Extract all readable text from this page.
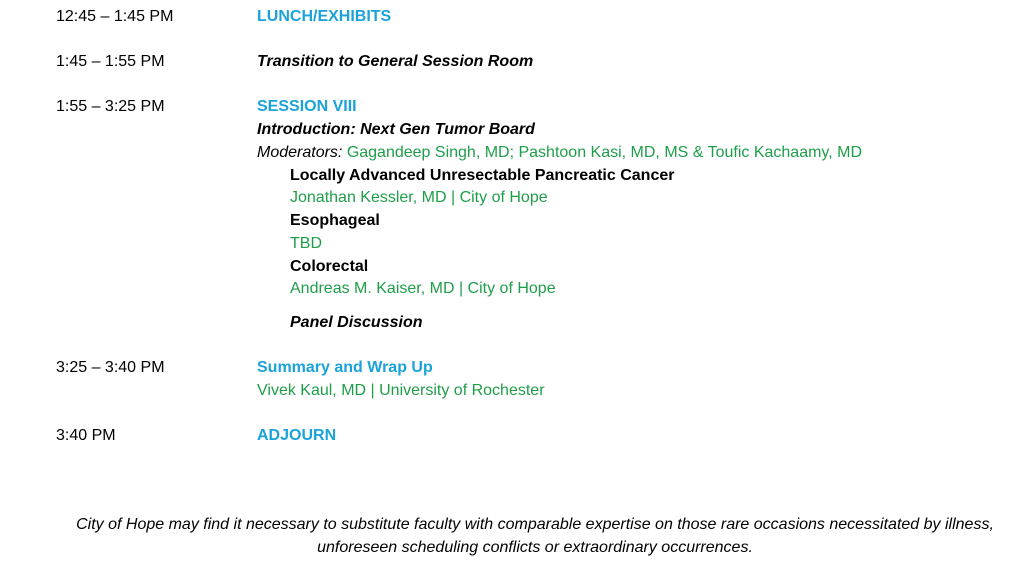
12:45 – 1:45 PM	LUNCH/EXHIBITS
1:45 – 1:55 PM	Transition to General Session Room
1:55 – 3:25 PM	SESSION VIII
Introduction: Next Gen Tumor Board
Moderators: Gagandeep Singh, MD; Pashtoon Kasi, MD, MS & Toufic Kachaamy, MD
Locally Advanced Unresectable Pancreatic Cancer
Jonathan Kessler, MD | City of Hope
Esophageal
TBD
Colorectal
Andreas M. Kaiser, MD | City of Hope
Panel Discussion
3:25 – 3:40 PM	Summary and Wrap Up
Vivek Kaul, MD | University of Rochester
3:40 PM	ADJOURN
City of Hope may find it necessary to substitute faculty with comparable expertise on those rare occasions necessitated by illness, unforeseen scheduling conflicts or extraordinary occurrences.
